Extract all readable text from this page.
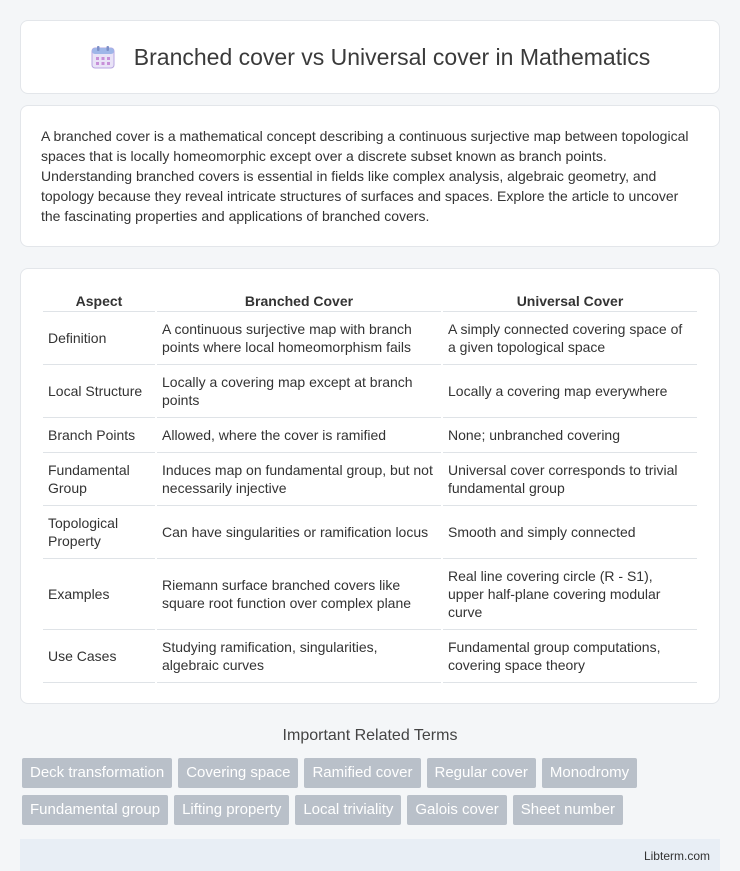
Branched cover vs Universal cover in Mathematics

A branched cover is a mathematical concept describing a continuous surjective map between topological spaces that is locally homeomorphic except over a discrete subset known as branch points. Understanding branched covers is essential in fields like complex analysis, algebraic geometry, and topology because they reveal intricate structures of surfaces and spaces. Explore the article to uncover the fascinating properties and applications of branched covers.

Aspect	Branched Cover	Universal Cover
Definition	A continuous surjective map with branch points where local homeomorphism fails	A simply connected covering space of a given topological space
Local Structure	Locally a covering map except at branch points	Locally a covering map everywhere
Branch Points	Allowed, where the cover is ramified	None; unbranched covering
Fundamental Group	Induces map on fundamental group, but not necessarily injective	Universal cover corresponds to trivial fundamental group
Topological Property	Can have singularities or ramification locus	Smooth and simply connected
Examples	Riemann surface branched covers like square root function over complex plane	Real line covering circle (R - S1), upper half-plane covering modular curve
Use Cases	Studying ramification, singularities, algebraic curves	Fundamental group computations, covering space theory
Important Related Terms
Deck transformation	Covering space	Ramified cover	Regular cover	Monodromy
Fundamental group	Lifting property	Local triviality	Galois cover	Sheet number
Libterm.com
